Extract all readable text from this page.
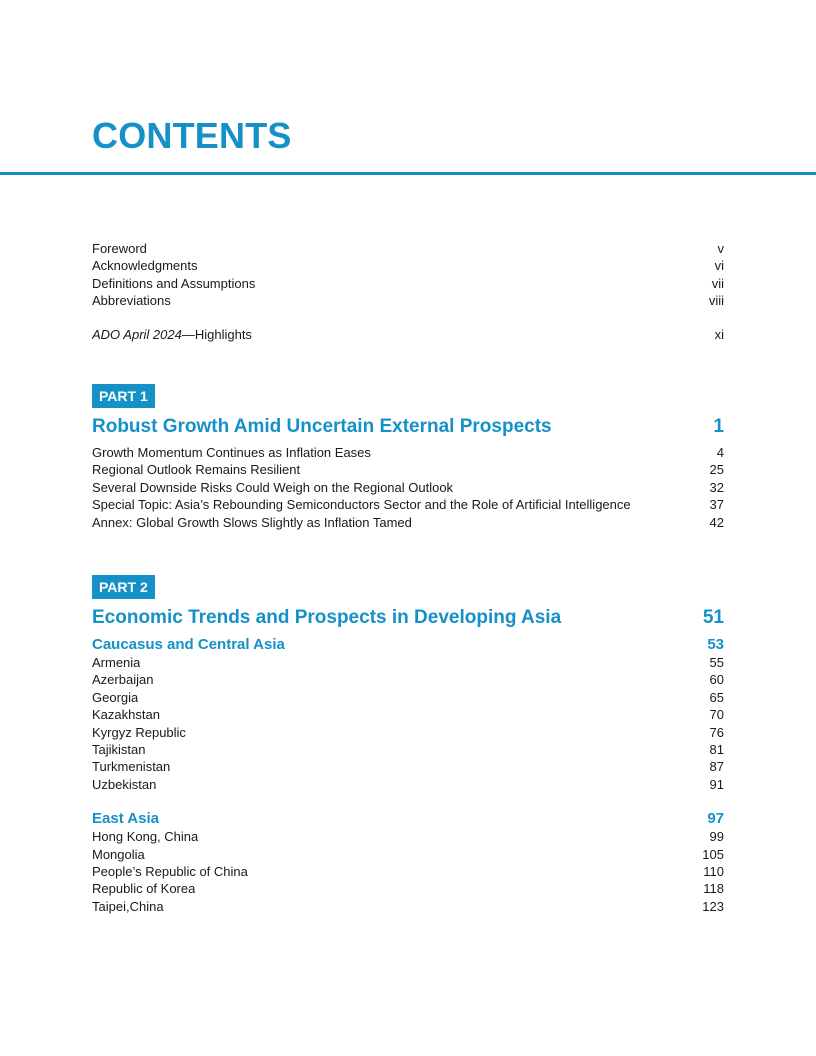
CONTENTS
Foreword	v
Acknowledgments	vi
Definitions and Assumptions	vii
Abbreviations	viii
ADO April 2024—Highlights	xi
PART 1
Robust Growth Amid Uncertain External Prospects	1
Growth Momentum Continues as Inflation Eases	4
Regional Outlook Remains Resilient	25
Several Downside Risks Could Weigh on the Regional Outlook	32
Special Topic: Asia’s Rebounding Semiconductors Sector and the Role of Artificial Intelligence	37
Annex: Global Growth Slows Slightly as Inflation Tamed	42
PART 2
Economic Trends and Prospects in Developing Asia	51
Caucasus and Central Asia	53
Armenia	55
Azerbaijan	60
Georgia	65
Kazakhstan	70
Kyrgyz Republic	76
Tajikistan	81
Turkmenistan	87
Uzbekistan	91
East Asia	97
Hong Kong, China	99
Mongolia	105
People’s Republic of China	110
Republic of Korea	118
Taipei,China	123
